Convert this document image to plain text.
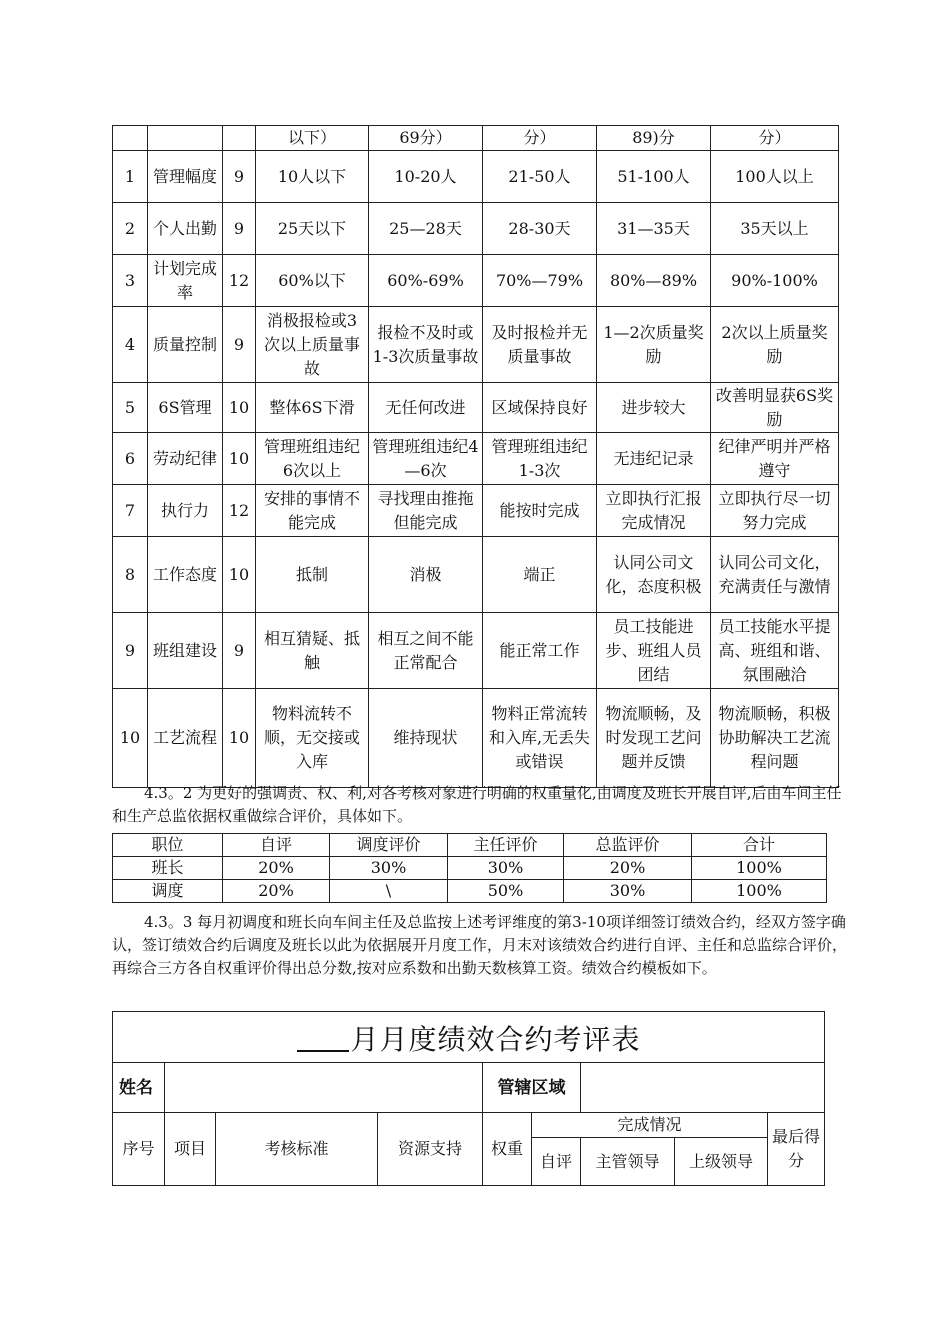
			以下）	69分）	分）	89)分	分）
1	管理幅度	9	10人以下	10-20人	21-50人	51-100人	100人以上
2	个人出勤	9	25天以下	25—28天	28-30天	31—35天	35天以上
3	计划完成率	12	60%以下	60%-69%	70%—79%	80%—89%	90%-100%
4	质量控制	9	消极报检或3次以上质量事故	报检不及时或1-3次质量事故	及时报检并无质量事故	1—2次质量奖励	2次以上质量奖励
5	6S管理	10	整体6S下滑	无任何改进	区域保持良好	进步较大	改善明显获6S奖励
6	劳动纪律	10	管理班组违纪6次以上	管理班组违纪4—6次	管理班组违纪1-3次	无违纪记录	纪律严明并严格遵守
7	执行力	12	安排的事情不能完成	寻找理由推拖但能完成	能按时完成	立即执行汇报完成情况	立即执行尽一切努力完成
8	工作态度	10	抵制	消极	端正	认同公司文化，态度积极	认同公司文化，充满责任与激情
9	班组建设	9	相互猜疑、抵触	相互之间不能正常配合	能正常工作	员工技能进步、班组人员团结	员工技能水平提高、班组和谐、氛围融洽
10	工艺流程	10	物料流转不顺，无交接或入库	维持现状	物料正常流转和入库,无丢失或错误	物流顺畅，及时发现工艺问题并反馈	物流顺畅，积极协助解决工艺流程问题
4.3。2 为更好的强调责、权、利,对各考核对象进行明确的权重量化,由调度及班长开展自评,后由车间主任和生产总监依据权重做综合评价，具体如下。
职位	自评	调度评价	主任评价	总监评价	合计
班长	20%	30%	30%	20%	100%
调度	20%	\	50%	30%	100%
4.3。3 每月初调度和班长向车间主任及总监按上述考评维度的第3-10项详细签订绩效合约，经双方签字确认，签订绩效合约后调度及班长以此为依据展开月度工作，月末对该绩效合约进行自评、主任和总监综合评价，再综合三方各自权重评价得出总分数,按对应系数和出勤天数核算工资。绩效合约模板如下。
月月度绩效合约考评表								
姓名				管辖区域				
序号	项目	考核标准	资源支持	权重	完成情况			最后得分
					自评	主管领导	上级领导	
